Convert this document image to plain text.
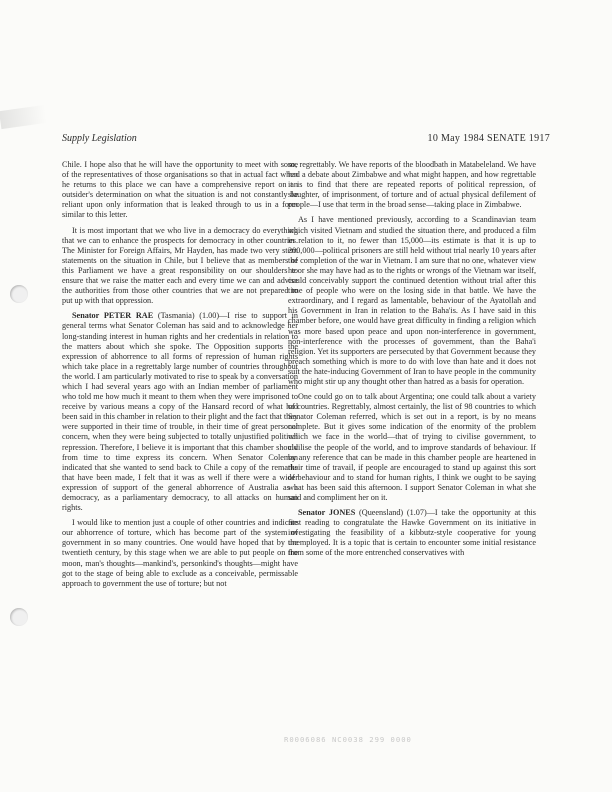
Supply Legislation	10 May 1984 SENATE 1917

Chile. I hope also that he will have the opportunity to meet with some of the representatives of those organisations so that in actual fact when he returns to this place we can have a comprehensive report on an outsider's determination on what the situation is and not constantly be reliant upon only information that is leaked through to us in a form similar to this letter.

It is most important that we who live in a democracy do everything that we can to enhance the prospects for democracy in other countries. The Minister for Foreign Affairs, Mr Hayden, has made two very stern statements on the situation in Chile, but I believe that as members of this Parliament we have a great responsibility on our shoulders to ensure that we raise the matter each and every time we can and advise the authorities from those other countries that we are not prepared to put up with that oppression.

Senator PETER RAE (Tasmania) (1.00)—I rise to support in general terms what Senator Coleman has said and to acknowledge her long-standing interest in human rights and her credentials in relation to the matters about which she spoke. The Opposition supports the expression of abhorrence to all forms of repression of human rights which take place in a regrettably large number of countries throughout the world. I am particularly motivated to rise to speak by a conversation which I had several years ago with an Indian member of parliament who told me how much it meant to them when they were imprisoned to receive by various means a copy of the Hansard record of what had been said in this chamber in relation to their plight and the fact that they were supported in their time of trouble, in their time of great personal concern, when they were being subjected to totally unjustified political repression. Therefore, I believe it is important that this chamber should from time to time express its concern. When Senator Coleman indicated that she wanted to send back to Chile a copy of the remarks that have been made, I felt that it was as well if there were a wider expression of support of the general abhorrence of Australia as a democracy, as a parliamentary democracy, to all attacks on human rights.

I would like to mention just a couple of other countries and indicate our abhorrence of torture, which has become part of the system of government in so many countries. One would have hoped that by the twentieth century, by this stage when we are able to put people on the moon, man's thoughts—mankind's, personkind's thoughts—might have got to the stage of being able to exclude as a conceivable, permissable approach to government the use of torture; but not

so, regrettably. We have reports of the bloodbath in Matabeleland. We have had a debate about Zimbabwe and what might happen, and how regrettable it is to find that there are repeated reports of political repression, of slaughter, of imprisonment, of torture and of actual physical defilement of people—I use that term in the broad sense—taking place in Zimbabwe.

As I have mentioned previously, according to a Scandinavian team which visited Vietnam and studied the situation there, and produced a film in relation to it, no fewer than 15,000—its estimate is that it is up to 200,000—political prisoners are still held without trial nearly 10 years after the completion of the war in Vietnam. I am sure that no one, whatever view he or she may have had as to the rights or wrongs of the Vietnam war itself, could conceivably support the continued detention without trial after this time of people who were on the losing side in that battle. We have the extraordinary, and I regard as lamentable, behaviour of the Ayatollah and his Government in Iran in relation to the Baha'is. As I have said in this chamber before, one would have great difficulty in finding a religion which was more based upon peace and upon non-interference in government, non-interference with the processes of government, than the Baha'i religion. Yet its supporters are persecuted by that Government because they preach something which is more to do with love than hate and it does not suit the hate-inducing Government of Iran to have people in the community who might stir up any thought other than hatred as a basis for operation.

One could go on to talk about Argentina; one could talk about a variety of countries. Regrettably, almost certainly, the list of 98 countries to which Senator Coleman referred, which is set out in a report, is by no means complete. But it gives some indication of the enormity of the problem which we face in the world—that of trying to civilise government, to civilise the people of the world, and to improve standards of behaviour. If by any reference that can be made in this chamber people are heartened in their time of travail, if people are encouraged to stand up against this sort of behaviour and to stand for human rights, I think we ought to be saying what has been said this afternoon. I support Senator Coleman in what she said and compliment her on it.

Senator JONES (Queensland) (1.07)—I take the opportunity at this first reading to congratulate the Hawke Government on its initiative in investigating the feasibility of a kibbutz-style cooperative for young unemployed. It is a topic that is certain to encounter some initial resistance from some of the more entrenched conservatives with

R0006086 NC0038 299 0000
